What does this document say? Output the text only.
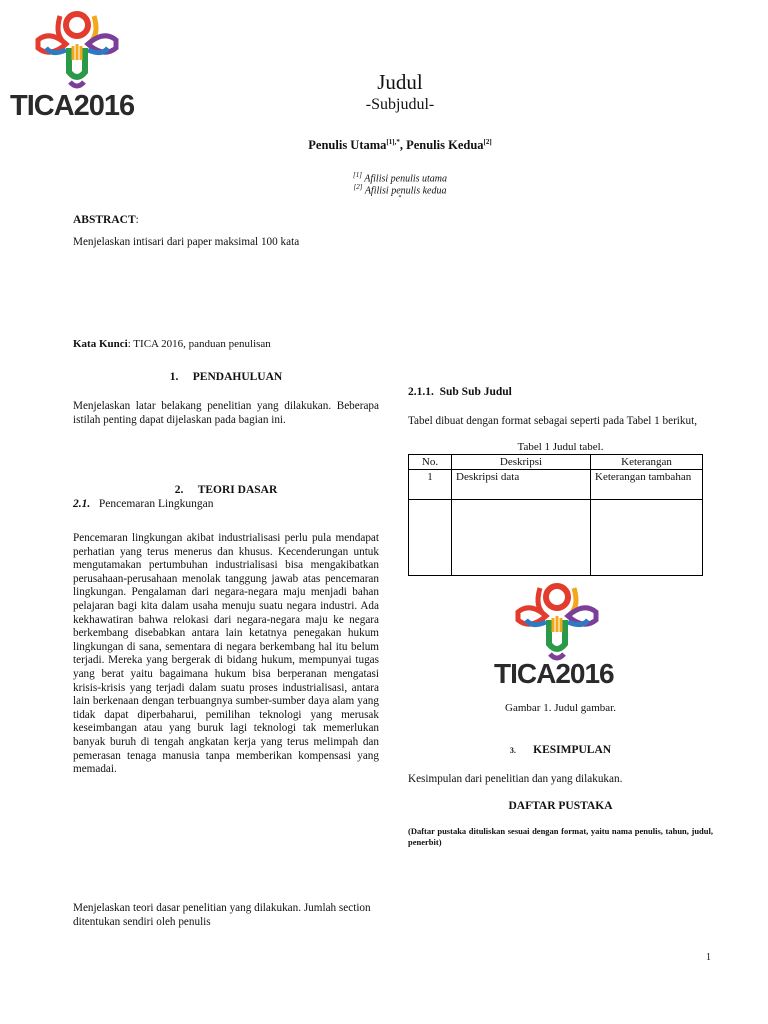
TICA2016
Judul
-Subjudul-
Penulis Utama$^{[1],*}$, Penulis Kedua[2]
[1] Afilisi penulis utama
[2] Afilisi penulis kedua
*
ABSTRACT:
Menjelaskan intisari dari paper maksimal 100 kata
Kata Kunci: TICA 2016, panduan penulisan
1. PENDAHULUAN
Menjelaskan latar belakang penelitian yang dilakukan. Beberapa istilah penting dapat dijelaskan pada bagian ini.
2. TEORI DASAR
2.1. Pencemaran Lingkungan
Pencemaran lingkungan akibat industrialisasi perlu pula mendapat perhatian yang terus menerus dan khusus. Kecenderungan untuk mengutamakan pertumbuhan industrialisasi bisa mengakibatkan perusahaan-perusahaan menolak tanggung jawab atas pencemaran lingkungan. Pengalaman dari negara-negara maju menjadi bahan pelajaran bagi kita dalam usaha menuju suatu negara industri. Ada kekhawatiran bahwa relokasi dari negara-negara maju ke negara berkembang disebabkan antara lain ketatnya penegakan hukum lingkungan di sana, sementara di negara berkembang hal itu belum terjadi. Mereka yang bergerak di bidang hukum, mempunyai tugas yang berat yaitu bagaimana hukum bisa berperanan mengatasi krisis-krisis yang terjadi dalam suatu proses industrialisasi, antara lain berkenaan dengan terbuangnya sumber-sumber daya alam yang tidak dapat diperbaharui, pemilihan teknologi yang merusak keseimbangan atau yang buruk lagi teknologi tak memerlukan banyak buruh di tengah angkatan kerja yang terus melimpah dan pemerasan tenaga manusia tanpa memberikan kompensasi yang memadai.
Menjelaskan teori dasar penelitian yang dilakukan. Jumlah section ditentukan sendiri oleh penulis
2.1.1. Sub Sub Judul
Tabel dibuat dengan format sebagai seperti pada Tabel 1 berikut,
Tabel 1 Judul tabel.
No.	Deskripsi	Keterangan
1	Deskripsi data	Keterangan tambahan

TICA2016
Gambar 1. Judul gambar.
3. KESIMPULAN
Kesimpulan dari penelitian dan yang dilakukan.
DAFTAR PUSTAKA
(Daftar pustaka dituliskan sesuai dengan format, yaitu nama penulis, tahun, judul, penerbit)
1
